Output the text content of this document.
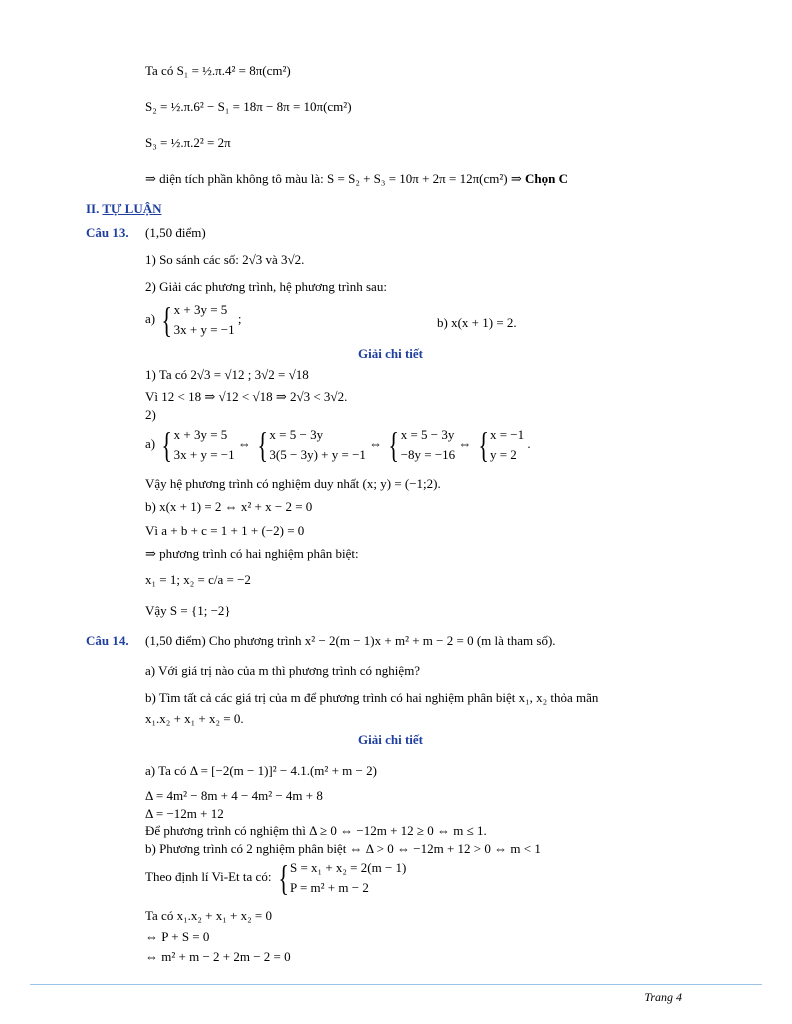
Ta có S₁ = ½.π.4² = 8π(cm²)
S₂ = ½.π.6² − S₁ = 18π − 8π = 10π(cm²)
S₃ = ½.π.2² = 2π
⇒ diện tích phần không tô màu là: S = S₂ + S₃ = 10π + 2π = 12π(cm²) ⇒ Chọn C
II. TỰ LUẬN
Câu 13. (1,50 điểm)
1) So sánh các số: 2√3 và 3√2.
2) Giải các phương trình, hệ phương trình sau:
a) { x + 3y = 5
3x + y = −1
;	b) x(x + 1) = 2.
Giải chi tiết
1) Ta có 2√3 = √12 ; 3√2 = √18
Vì 12 < 18 ⇒ √12 < √18 ⇒ 2√3 < 3√2.
2)
a) { x + 3y = 5
3x + y = −1
⇔ { x = 5 − 3y
3(5 − 3y) + y = −1
⇔ { x = 5 − 3y
−8y = −16
⇔ { x = −1
y = 2
.
Vậy hệ phương trình có nghiệm duy nhất (x; y) = (−1;2).
b) x(x + 1) = 2 ⇔ x² + x − 2 = 0
Vì a + b + c = 1 + 1 + (−2) = 0
⇒ phương trình có hai nghiệm phân biệt:
x₁ = 1; x₂ = c/a = −2
Vậy S = {1; −2}
Câu 14. (1,50 điểm) Cho phương trình x² − 2(m − 1)x + m² + m − 2 = 0 (m là tham số).
a) Với giá trị nào của m thì phương trình có nghiệm?
b) Tìm tất cả các giá trị của m để phương trình có hai nghiệm phân biệt x₁, x₂ thỏa mãn
x₁.x₂ + x₁ + x₂ = 0.
Giải chi tiết
a) Ta có Δ = [−2(m − 1)]² − 4.1.(m² + m − 2)
Δ = 4m² − 8m + 4 − 4m² − 4m + 8
Δ = −12m + 12
Để phương trình có nghiệm thì Δ ≥ 0 ⇔ −12m + 12 ≥ 0 ⇔ m ≤ 1.
b) Phương trình có 2 nghiệm phân biệt ⇔ Δ > 0 ⇔ −12m + 12 > 0 ⇔ m < 1
Theo định lí Vi-Et ta có: { S = x₁ + x₂ = 2(m − 1)
P = m² + m − 2
Ta có x₁.x₂ + x₁ + x₂ = 0
⇔ P + S = 0
⇔ m² + m − 2 + 2m − 2 = 0
Trang 4
